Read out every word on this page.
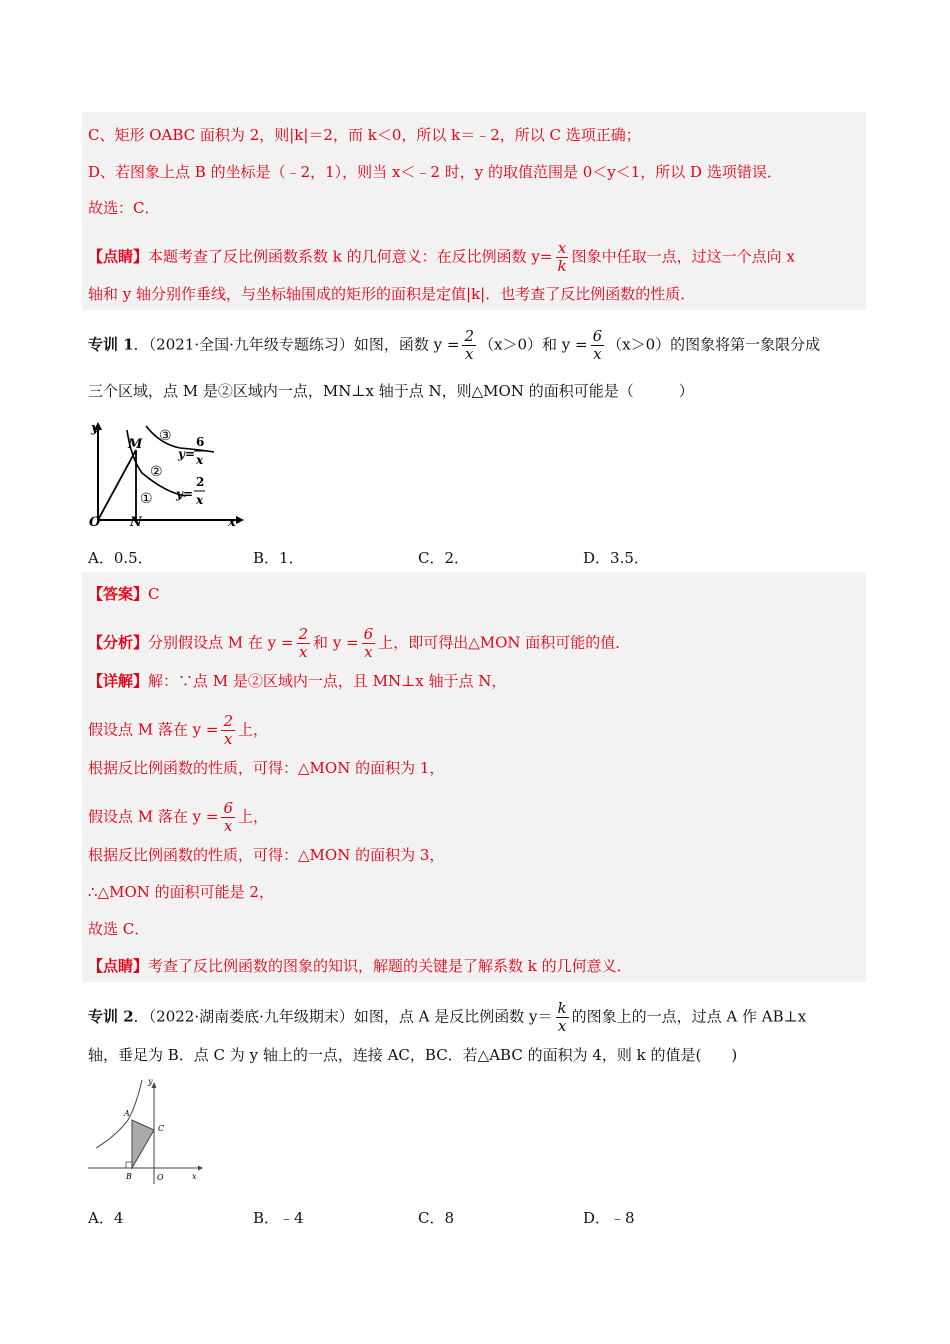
C、矩形 OABC 面积为 2，则|k|＝2，而 k＜0，所以 k＝﹣2，所以 C 选项正确；
D、若图象上点 B 的坐标是（﹣2，1），则当 x＜﹣2 时，y 的取值范围是 0＜y＜1，所以 D 选项错误．
故选：C．
【点睛】本题考查了反比例函数系数 k 的几何意义：在反比例函数 $y= \frac{x}{k}$ 图象中任取一点，过这一个点向 x
轴和 y 轴分别作垂线，与坐标轴围成的矩形的面积是定值|k|．也考查了反比例函数的性质．
专训 1．（2021·全国·九年级专题练习）如图，函数 $y = \frac{2}{x} (x>0)$和 $y = \frac{6}{x} (x>0)$的图象将第一象限分成
三个区域，点 M 是②区域内一点，MN⊥x 轴于点 N，则△MON 的面积可能是（　　　）
y
x
O N
M
③
②
①
y=
6
x
y=
2
x
A．0.5．	B．1．	C．2．	D．3.5．
【答案】C
【分析】分别假设点 M 在 $y = \frac{2}{x}$ 和 $y = \frac{6}{x}$ 上，即可得出△MON 面积可能的值．
【详解】解：∵点 M 是②区域内一点，且 MN⊥x 轴于点 N，
假设点 M 落在 $y = \frac{2}{x}$ 上，
根据反比例函数的性质，可得：△MON 的面积为 1，
假设点 M 落在 $y = \frac{6}{x}$ 上，
根据反比例函数的性质，可得：△MON 的面积为 3，
∴△MON 的面积可能是 2，
故选 C．
【点睛】考查了反比例函数的图象的知识，解题的关键是了解系数 k 的几何意义．
专训 2．（2022·湖南娄底·九年级期末）如图，点 A 是反比例函数 $y= \frac{k}{x}$ 的图象上的一点，过点 A 作 AB⊥x
轴，垂足为 B．点 C 为 y 轴上的一点，连接 AC，BC．若△ABC 的面积为 4，则 k 的值是(　　)
y
x
O
A
B
C
A．4	B．﹣4	C．8	D．﹣8
